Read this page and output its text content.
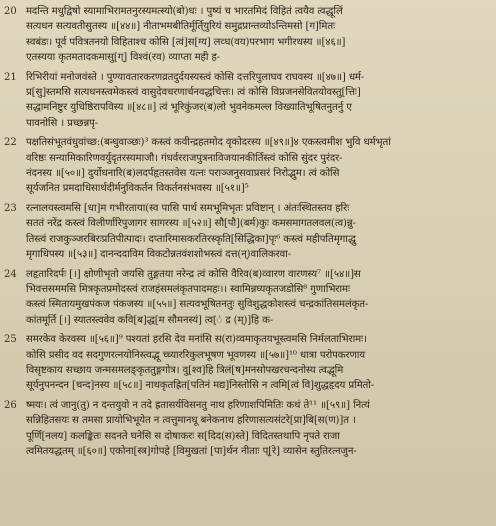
20 मदन्ति मधुद्विषो स्यामाभिरामतनुरस्यमत्स्यो(बो)धः । पुष्यं च भारतमिदं विहितं त्वयैव त्वद्धूलिं
सत्यधन सत्यवतीसुतस्य ॥[४४॥] नीताभमबीतिर्मूर्ति्युरियं समुद्रप्रान्तव्योऽन्तिमसो [ग]मितः
स्वबंडः। पूर्व पवित्रतनयो विहिताश्च कोसि [त्वं]स[ग्य] लव्ध(वय)परभाग भगीरथस्य ॥[४६॥]
एतस्यया कृतमतादकमासु[ग्] विश्वं(रव) व्याप्ता मही ह-
21 रिभिरीयां मनोजवंस्ते । पुण्यावतारकरणव्रतदुर्दयस्यस्त्वं कोसि दत्तरिपुलाघव राघवस्य ॥[४७॥] धर्म-
प्र[सु]स्तमसि सत्यधनस्त्वमेकस्त्वं वासुदेवचरणार्चनवद्धचित्तः। त्वं कोसि विप्रजनसेवितयोवस्तु[त्तिः]
सद्धामनिष्टुर युधिष्ठिरापविस्य ॥[४८॥] त्वं भूरिकुंजर(ब)लो भुवनेकमल्ल विख्यातिभूषितनुतर्नु ए
पावनोसि । प्रच्छन्नपृ-
22 पक्षतिसंभूतवंधुवांच्छ:(बन्धुवाञ्छः)³ कस्त्वं कवीन्द्रहतमोद वृकोदरस्य ॥[४९॥]४ एकस्त्वमीश भुवि धर्मभृतां
वरिष्ठः सन्यामिकारिणवर्युदृतरस्यमाजौ। गंधर्वरराजपुत्रनाविजयानकीर्तिस्त्वं कोसि सुंदर पुरंदर-
नंदनस्य ॥[५०॥] दुर्योधनारि(ब)लदर्पहृतस्तवेस यत्नः पराञ्जनुसवाप्रसरं निरोद्भुम। त्वं कोसि
सूर्यजनित प्रमदाधिसार्थदीर्मनुविकर्तन विकर्तनसंभवस्य ॥[५१॥]⁵
23 रत्नालयस्त्वमसि [धा]म गभीरताया(स्व पासि पार्थ समभूमिभृतः प्रविष्टान् । अंतःस्थितस्तव हरिः
सततं नरेंद्र कस्त्वं विलीर्णारिपुजागर सागरस्य ॥[५२॥] सौ[पौ](बर्म)कुः कमसमागतलवल(त्व)न्नु-
तिस्त्वं राजकुञ्जरबिरःप्रतिपीत्पादः। दप्तारिमासकरतिरस्कृति[सिद्धिका]पृः⁶ कस्त्वं महीपतिमृगा‍द्धु
मृगाधिपस्य ॥[५३॥] दानन्ददाविम विकटोन्नतवंशशोभस्त्वं दत्त(न्)वालिकरवा-
24 लहृतारिदर्पः [।] क्षोणीभृतो जयसि तुङ्गतया नरेन्द्र त्वं कोसि वैरिव(ब)व्वारण वारणस्य⁷ ॥[५४॥]स
भिवत्तसममसि मित्रकृतप्रमोदस्त्वं राजहंसमलंकृतपादमहः।। स्वामिन्नघ्यकृतजडोसि⁸ गुणाभिरामः
कस्त्वं स्मितायमुखपंकज पंकजस्य ॥[५५॥] सत्यवभूषितनतुः सुविशुद्धकोशस्त्वं चन्द्रकांतिसमलंकृत-
कांतमूर्ति [।] स्यातस्त्ववेव कवि[ब]द्ध[म सौमनस्यं] त्व[ं द्र (म्)]हि क-
25 समरकेव केरवस्य ॥[५६॥]⁹ पश्यतां हरसि देव मनांसि स(रा)व्वमाकृतयभूस्त्वमसि निर्मलताभिरामः।
कोसि प्रसीद वद सदगुणरत्नयोनिस्त्वद्भू च्च्याररिकुलभूषण भूवणस्य ॥[५७॥]¹⁰ धात्रा परोपकरणाय
विसृष्टकाय सच्छाय जन्मसमलङ्कृततुङ्गगोत्र। वु[श्व]हि त्रिलं[ष]मनसोपखरचन्दनोस्य त्वद्भूमि
सूर्यनुपनन्दन [चन्द]नस्य ॥[५८॥] नाथकृतह्रित[पतिनं मद्य]निस्तोसि न त्वमि[त्वं वि]शुद्धहृदय प्रमितो-
26 ष्मयः। त्वं जानु(तु) न दन्तयुवो न तदे ह्रतासर्यविसनतु नाथ हरिणाशपिमितिः कथं ते¹¹ ॥[५९॥] नित्यं
सन्निहितसयः स तमसा प्रायोभिभूयेत न त्वत्तुमानधू बनेकनाथ हरिणासत्यसंटरे[प्रा]बि[स(ण)]त ।
पूर्णि[नलय] कलङ्कितः सदनते घनेसि स दोषाकरः स[दिद(स)स्ते] विदितस्तथापि नृपते राजा
त्वमितयद्धतम् ॥[६०॥] एकोना[स्त्र]गोपहे [विमुखतां [पा]र्थन नीताः प्[रे] व्यासेन स्तुतिरत्नजुन-
